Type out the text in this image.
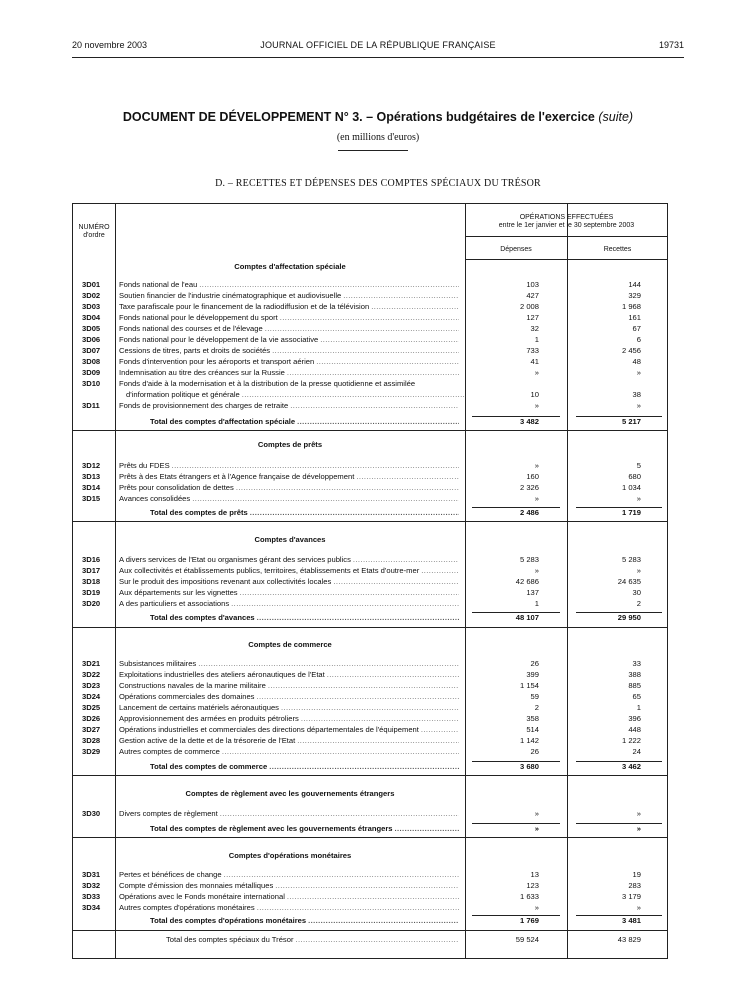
20 novembre 2003	JOURNAL OFFICIEL DE LA RÉPUBLIQUE FRANÇAISE	19731
DOCUMENT DE DÉVELOPPEMENT N° 3. – Opérations budgétaires de l'exercice (suite)
(en millions d'euros)
D. – RECETTES ET DÉPENSES DES COMPTES SPÉCIAUX DU TRÉSOR
NUMÉRO
d'ordre
OPÉRATIONS EFFECTUÉES
entre le 1er janvier et le 30 septembre 2003
Dépenses	Recettes
Comptes d'affectation spéciale
Comptes de prêts
Comptes d'avances
Comptes de commerce
Comptes de règlement avec les gouvernements étrangers
Comptes d'opérations monétaires
3D01	Fonds national de l'eau .....	103	144
3D02	Soutien financier de l'industrie cinématographique et audiovisuelle .....	427	329
3D03	Taxe parafiscale pour le financement de la radiodiffusion et de la télévision .....	2 008	1 968
3D04	Fonds national pour le développement du sport .....	127	161
3D05	Fonds national des courses et de l'élevage .....	32	67
3D06	Fonds national pour le développement de la vie associative .....	1	6
3D07	Cessions de titres, parts et droits de sociétés .....	733	2 456
3D08	Fonds d'intervention pour les aéroports et transport aérien .....	41	48
3D09	Indemnisation au titre des créances sur la Russie .....	»	»
3D10	Fonds d'aide à la modernisation et à la distribution de la presse quotidienne et assimilée
d'information politique et générale .....	10	38
3D11	Fonds de provisionnement des charges de retraite .....	»	»
Total des comptes d'affectation spéciale .....	3 482	5 217
3D12	Prêts du FDES .....	»	5
3D13	Prêts à des Etats étrangers et à l'Agence française de développement .....	160	680
3D14	Prêts pour consolidation de dettes .....	2 326	1 034
3D15	Avances consolidées .....	»	»
Total des comptes de prêts .....	2 486	1 719
3D16	A divers services de l'Etat ou organismes gérant des services publics .....	5 283	5 283
3D17	Aux collectivités et établissements publics, territoires, établissements et Etats d'outre-mer .....	»	»
3D18	Sur le produit des impositions revenant aux collectivités locales .....	42 686	24 635
3D19	Aux départements sur les vignettes .....	137	30
3D20	A des particuliers et associations .....	1	2
Total des comptes d'avances .....	48 107	29 950
3D21	Subsistances militaires .....	26	33
3D22	Exploitations industrielles des ateliers aéronautiques de l'Etat .....	399	388
3D23	Constructions navales de la marine militaire .....	1 154	885
3D24	Opérations commerciales des domaines .....	59	65
3D25	Lancement de certains matériels aéronautiques .....	2	1
3D26	Approvisionnement des armées en produits pétroliers .....	358	396
3D27	Opérations industrielles et commerciales des directions départementales de l'équipement .....	514	448
3D28	Gestion active de la dette et de la trésorerie de l'Etat .....	1 142	1 222
3D29	Autres comptes de commerce .....	26	24
Total des comptes de commerce .....	3 680	3 462
3D30	Divers comptes de règlement .....	»	»
Total des comptes de règlement avec les gouvernements étrangers .....	»	»
3D31	Pertes et bénéfices de change .....	13	19
3D32	Compte d'émission des monnaies métalliques .....	123	283
3D33	Opérations avec le Fonds monétaire international .....	1 633	3 179
3D34	Autres comptes d'opérations monétaires .....	»	»
Total des comptes d'opérations monétaires .....	1 769	3 481
Total des comptes spéciaux du Trésor .....	59 524	43 829
